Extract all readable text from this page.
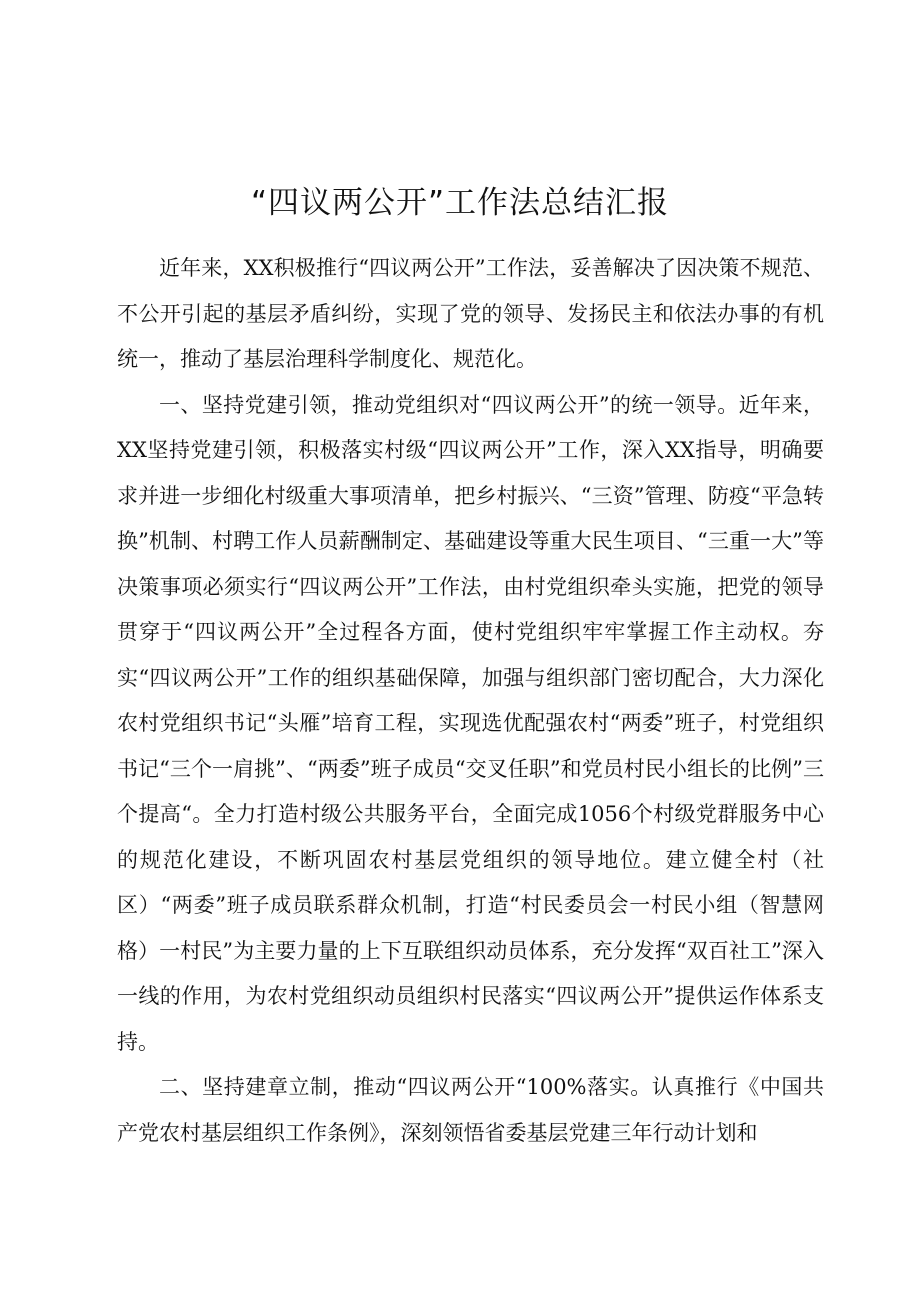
“四议两公开”工作法总结汇报

近年来，XX积极推行“四议两公开”工作法，妥善解决了因决策不规范、不公开引起的基层矛盾纠纷，实现了党的领导、发扬民主和依法办事的有机统一，推动了基层治理科学制度化、规范化。

一、坚持党建引领，推动党组织对“四议两公开”的统一领导。近年来，XX坚持党建引领，积极落实村级“四议两公开”工作，深入XX指导，明确要求并进一步细化村级重大事项清单，把乡村振兴、“三资”管理、防疫“平急转换”机制、村聘工作人员薪酬制定、基础建设等重大民生项目、“三重一大”等决策事项必须实行“四议两公开”工作法，由村党组织牵头实施，把党的领导贯穿于“四议两公开”全过程各方面，使村党组织牢牢掌握工作主动权。夯实“四议两公开”工作的组织基础保障，加强与组织部门密切配合，大力深化农村党组织书记“头雁”培育工程，实现选优配强农村“两委”班子，村党组织书记“三个一肩挑”、“两委”班子成员“交叉任职”和党员村民小组长的比例”三个提高“。全力打造村级公共服务平台，全面完成1056个村级党群服务中心的规范化建设，不断巩固农村基层党组织的领导地位。建立健全村（社区）“两委”班子成员联系群众机制，打造“村民委员会一村民小组（智慧网格）一村民”为主要力量的上下互联组织动员体系，充分发挥“双百社工”深入一线的作用，为农村党组织动员组织村民落实“四议两公开”提供运作体系支持。

二、坚持建章立制，推动“四议两公开“100%落实。认真推行《中国共产党农村基层组织工作条例》，深刻领悟省委基层党建三年行动计划和
